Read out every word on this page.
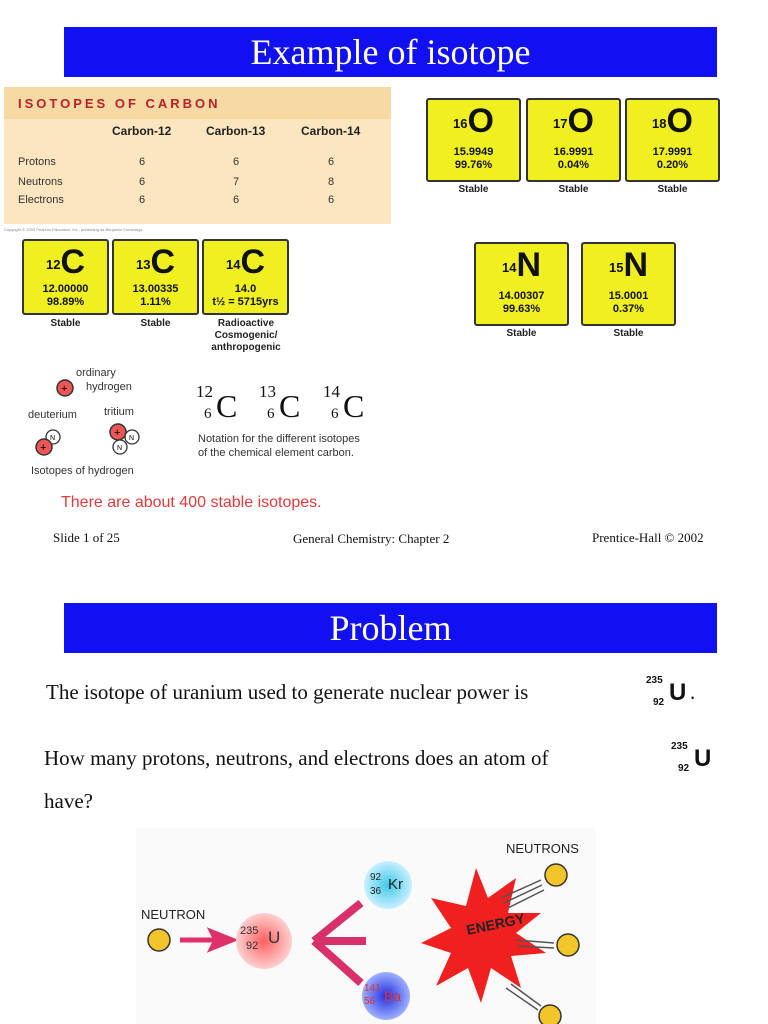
Example of isotope
ISOTOPES OF CARBON
Carbon-12	Carbon-13	Carbon-14
Protons	6	6	6
Neutrons	6	7	8
Electrons	6	6	6
Copyright © 2003 Pearson Education, Inc., publishing as Benjamin Cummings.
$^{16}$O
15.9949
99.76%
Stable
$^{17}$O
16.9991
0.04%
Stable
$^{18}$O
17.9991
0.20%
Stable
$^{12}$C
12.00000
98.89%
Stable
$^{13}$C
13.00335
1.11%
Stable
$^{14}$C
14.0
t½ = 5715yrs
Radioactive Cosmogenic/ anthropogenic
$^{14}$N
14.00307
99.63%
Stable
$^{15}$N
15.0001
0.37%
Stable
+
N
+
+ N
N
ordinary
hydrogen
deuterium tritium
Isotopes of hydrogen
12
6 C 13
6 C 14
6 C
Notation for the different isotopes
of the chemical element carbon.
There are about 400 stable isotopes.
Slide 1 of 25	General Chemistry: Chapter 2	Prentice-Hall © 2002
Problem
The isotope of uranium used to generate nuclear power is	235
92 U .
How many protons, neutrons, and electrons does an atom of	235
92 U
have?
NEUTRON
NEUTRONS
ENERGY
235
92 U
92
36 Kr
141
56 Ba
